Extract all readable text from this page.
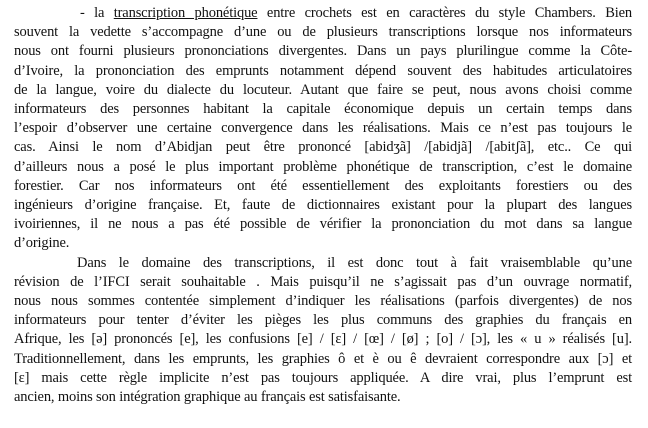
- la transcription phonétique entre crochets est en caractères du style Chambers. Bien
souvent la vedette s’accompagne d’une ou de plusieurs transcriptions lorsque nos informateurs
nous ont fourni plusieurs prononciations divergentes. Dans un pays plurilingue comme la Côte-
d’Ivoire, la prononciation des emprunts notamment dépend souvent des habitudes articulatoires
de la langue, voire du dialecte du locuteur. Autant que faire se peut, nous avons choisi comme
informateurs des personnes habitant la capitale économique depuis un certain temps dans
l’espoir d’observer une certaine convergence dans les réalisations. Mais ce n’est pas toujours le
cas. Ainsi le nom d’Abidjan peut être prononcé [abidʒã] /[abidjã] /[abitʃã], etc.. Ce qui
d’ailleurs nous a posé le plus important problème phonétique de transcription, c’est le domaine
forestier. Car nos informateurs ont été essentiellement des exploitants forestiers ou des
ingénieurs d’origine française. Et, faute de dictionnaires existant pour la plupart des langues
ivoiriennes, il ne nous a pas été possible de vérifier la prononciation du mot dans sa langue
d’origine.
Dans le domaine des transcriptions, il est donc tout à fait vraisemblable qu’une
révision de l’IFCI serait souhaitable . Mais puisqu’il ne s’agissait pas d’un ouvrage normatif,
nous nous sommes contentée simplement d’indiquer les réalisations (parfois divergentes) de nos
informateurs pour tenter d’éviter les pièges les plus communs des graphies du français en
Afrique, les [ə] prononcés [e], les confusions [e] / [ɛ] / [œ] / [ø] ; [o] / [ɔ], les « u » réalisés [u].
Traditionnellement, dans les emprunts, les graphies ô et è ou ê devraient correspondre aux [ɔ] et
[ɛ] mais cette règle implicite n’est pas toujours appliquée. A dire vrai, plus l’emprunt est
ancien, moins son intégration graphique au français est satisfaisante.
